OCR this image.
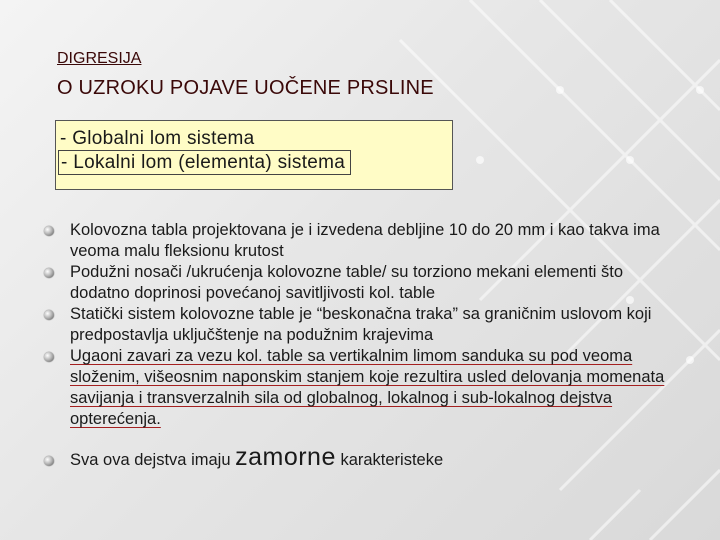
DIGRESIJA
O UZROKU POJAVE UOČENE PRSLINE
- Globalni lom sistema
- Lokalni lom (elementa) sistema
Kolovozna tabla projektovana je i izvedena debljine 10 do 20 mm i kao takva ima veoma malu fleksionu krutost
Podužni nosači /ukrućenja kolovozne table/ su torziono mekani elementi što dodatno doprinosi povećanoj savitljivosti kol. table
Statički sistem kolovozne table je “beskonačna traka” sa graničnim uslovom koji predpostavlja uključštenje na podužnim krajevima
Ugaoni zavari za vezu kol. table sa vertikalnim limom sanduka su pod veoma složenim, višeosnim naponskim stanjem koje rezultira usled delovanja momenata savijanja i transverzalnih sila od globalnog, lokalnog i sub-lokalnog dejstva opterećenja.
Sva ova dejstva imaju zamorne karakteristeke
